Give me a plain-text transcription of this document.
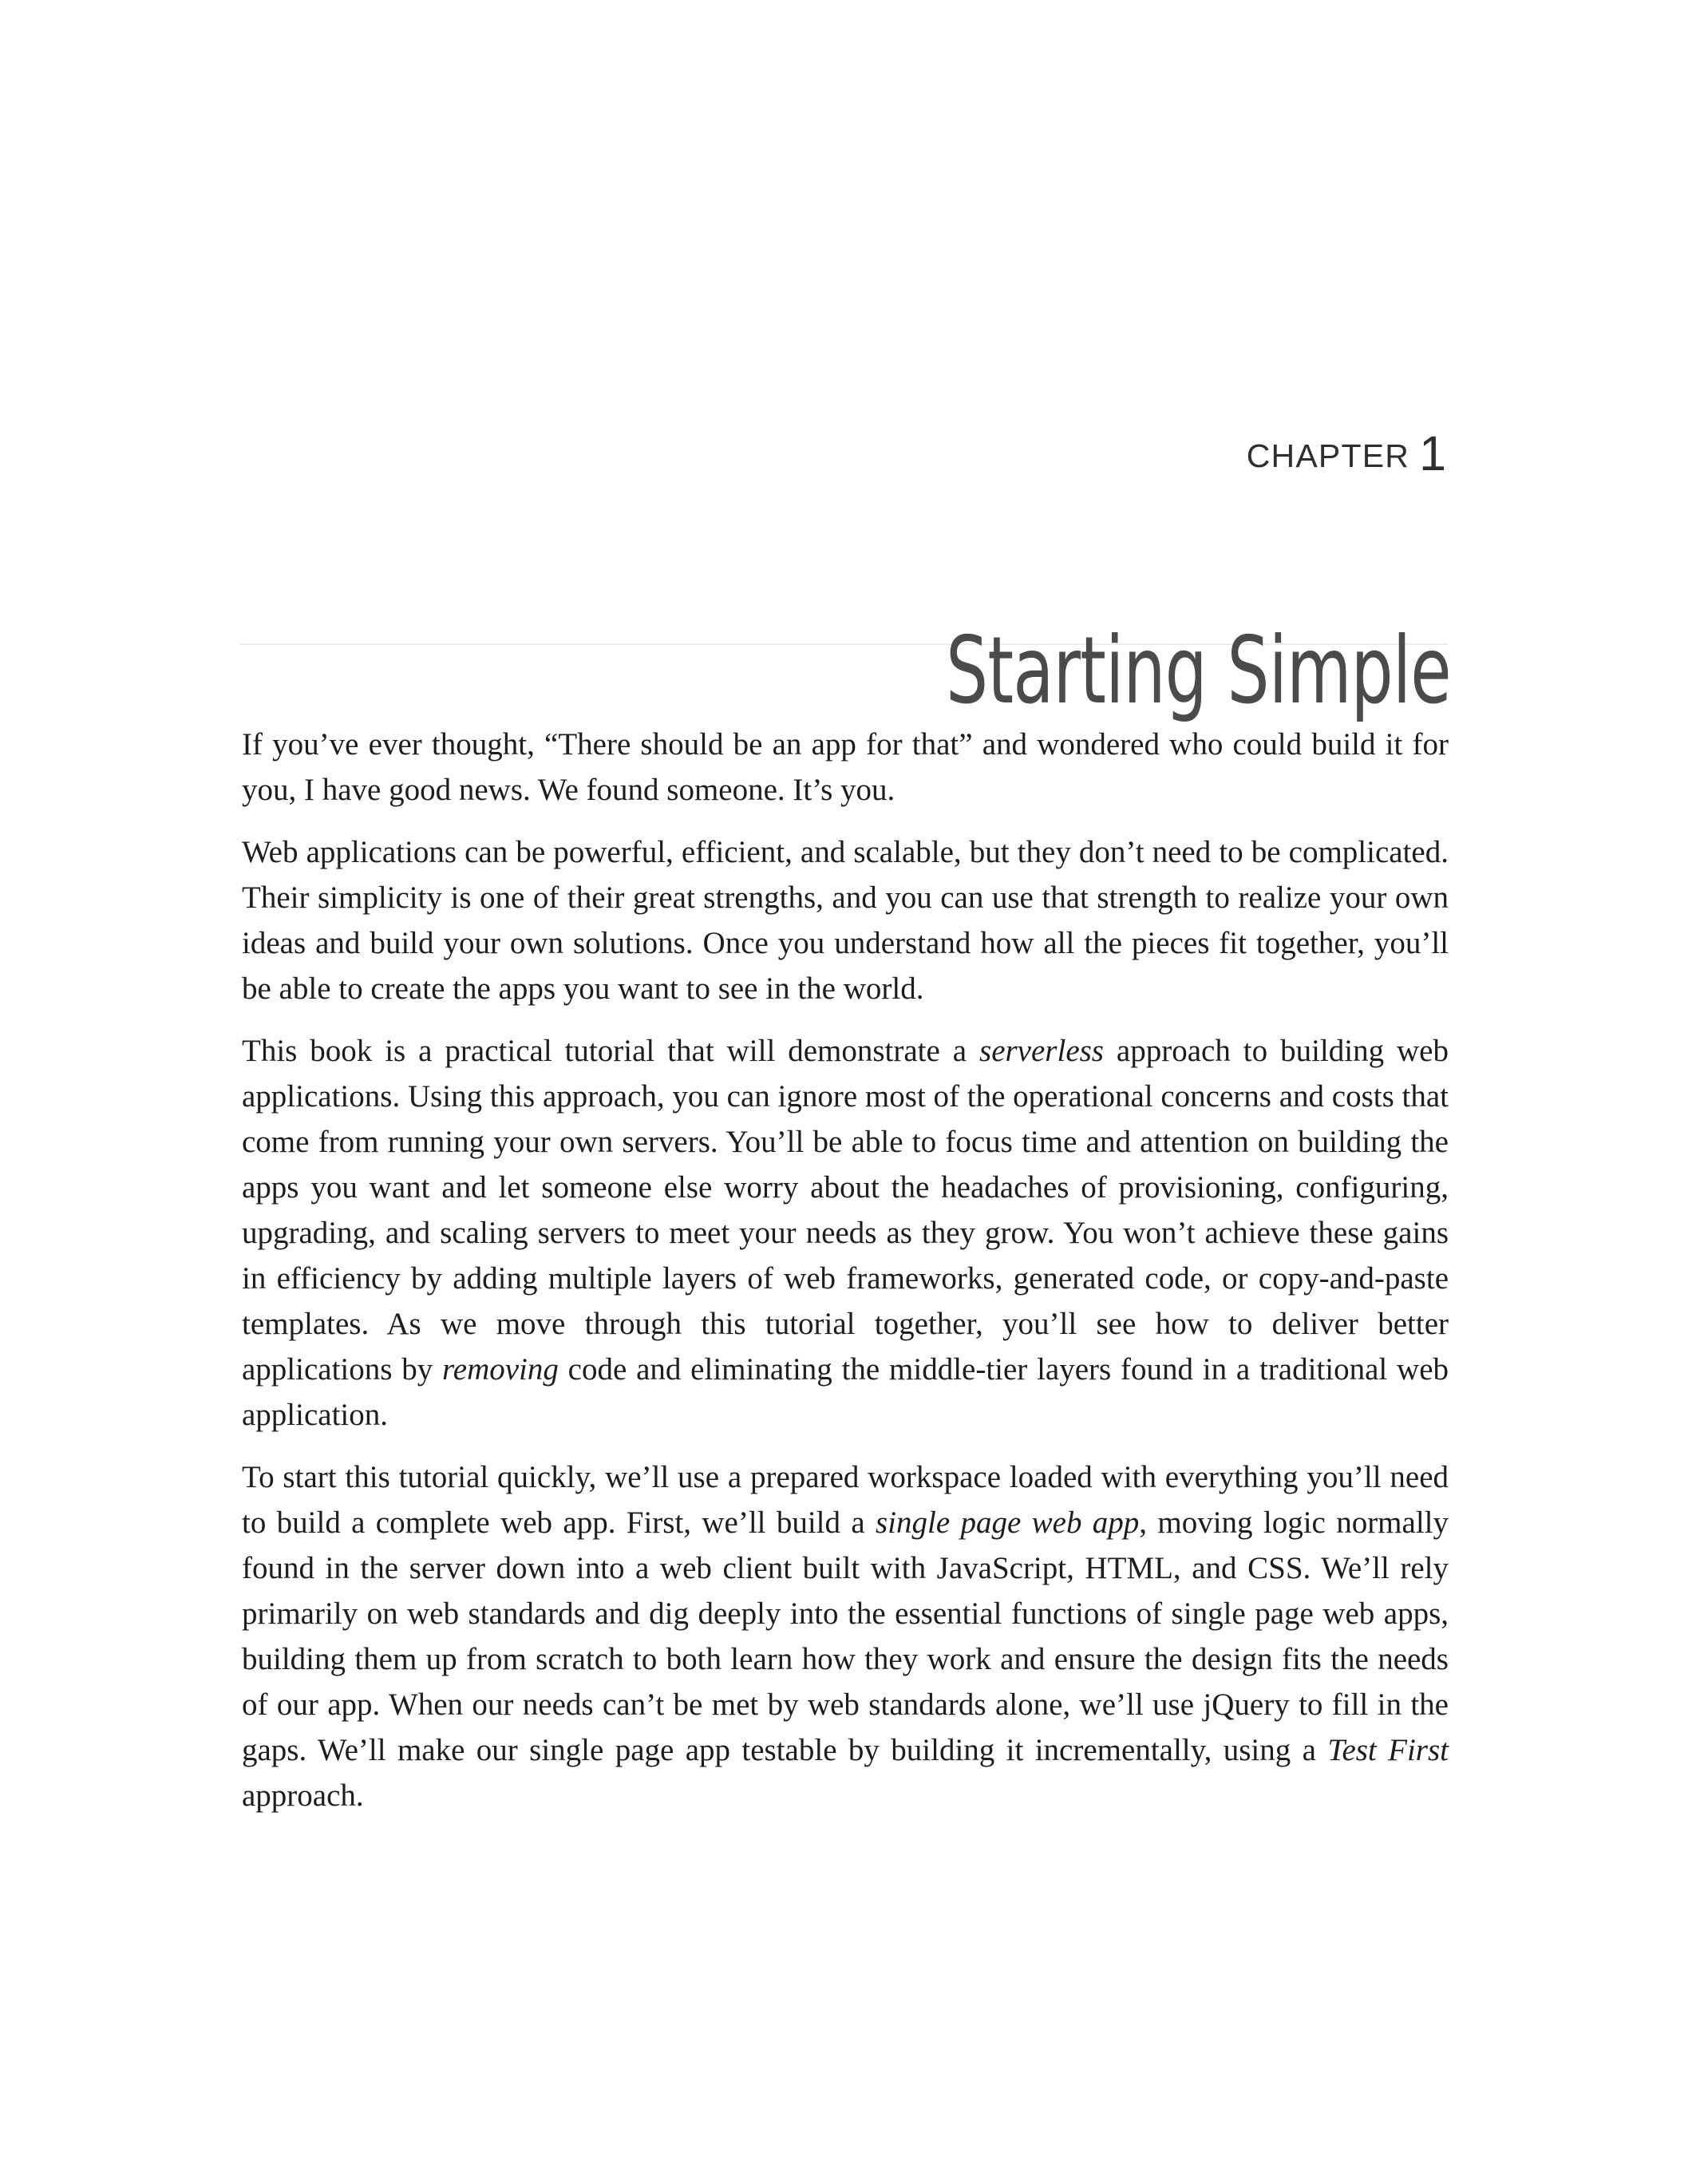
CHAPTER 1
Starting Simple

If you’ve ever thought, “There should be an app for that” and wondered who could build it for you, I have good news. We found someone. It’s you.

Web applications can be powerful, efficient, and scalable, but they don’t need to be complicated. Their simplicity is one of their great strengths, and you can use that strength to realize your own ideas and build your own solutions. Once you understand how all the pieces fit together, you’ll be able to create the apps you want to see in the world.

This book is a practical tutorial that will demonstrate a serverless approach to building web applications. Using this approach, you can ignore most of the operational concerns and costs that come from running your own servers. You’ll be able to focus time and attention on building the apps you want and let someone else worry about the headaches of provisioning, configuring, upgrading, and scaling servers to meet your needs as they grow. You won’t achieve these gains in efficiency by adding multiple layers of web frameworks, generated code, or copy-and-paste templates. As we move through this tutorial together, you’ll see how to deliver better applications by removing code and eliminating the middle-tier layers found in a traditional web application.

To start this tutorial quickly, we’ll use a prepared workspace loaded with everything you’ll need to build a complete web app. First, we’ll build a single page web app, moving logic normally found in the server down into a web client built with JavaScript, HTML, and CSS. We’ll rely primarily on web standards and dig deeply into the essential functions of single page web apps, building them up from scratch to both learn how they work and ensure the design fits the needs of our app. When our needs can’t be met by web standards alone, we’ll use jQuery to fill in the gaps. We’ll make our single page app testable by building it incrementally, using a Test First approach.
